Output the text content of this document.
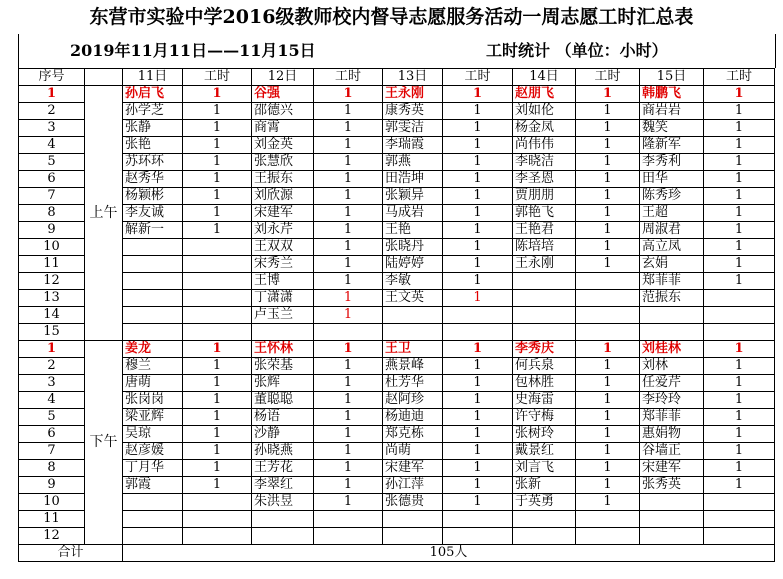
东营市实验中学2016级教师校内督导志愿服务活动一周志愿工时汇总表
2019年11月11日——11月15日	工时统计 （单位：小时）
序号		11日	工时	12日	工时	13日	工时	14日	工时	15日	工时
1	上午	孙启飞	1	谷强	1	王永刚	1	赵朋飞	1	韩鹏飞	1
2		孙学芝	1	邵德兴	1	康秀英	1	刘如伦	1	商岩岩	1
3		张静	1	商霄	1	郭雯洁	1	杨金凤	1	魏笑	1
4		张艳	1	刘金英	1	李瑞霞	1	尚伟伟	1	隆新军	1
5		苏环环	1	张慧欣	1	郭燕	1	李晓洁	1	李秀利	1
6		赵秀华	1	王振东	1	田浩坤	1	李圣恩	1	田华	1
7		杨颖彬	1	刘欣源	1	张颖异	1	贾朋朋	1	陈秀珍	1
8		李友诚	1	宋建军	1	马成岩	1	郭艳飞	1	王超	1
9		解新一	1	刘永芹	1	王艳	1	王艳君	1	周淑君	1
10				王双双	1	张晓丹	1	陈培培	1	高立凤	1
11				宋秀兰	1	陆婷婷	1	王永刚	1	玄娟	1
12				王博	1	李敏	1			郑菲菲	1
13				丁潇潇	1	王文英	1			范振东	
14				卢玉兰	1						
15											
1	下午	姜龙	1	王怀林	1	王卫	1	李秀庆	1	刘桂林	1
2		穆兰	1	张荣基	1	燕景峰	1	何兵泉	1	刘林	1
3		唐萌	1	张辉	1	杜芳华	1	包林胜	1	任爱芹	1
4		张岗岗	1	董聪聪	1	赵阿珍	1	史海雷	1	李玲玲	1
5		梁亚辉	1	杨语	1	杨迪迪	1	许守梅	1	郑菲菲	1
6		吴琼	1	沙静	1	郑克栋	1	张树玲	1	惠娟物	1
7		赵彦媛	1	孙晓燕	1	尚萌	1	戴景红	1	谷墙正	1
8		丁月华	1	王芳花	1	宋建军	1	刘言飞	1	宋建军	1
9		郭霞	1	李翠红	1	孙江萍	1	张新	1	张秀英	1
10				朱洪昱	1	张德贵	1	于英勇	1		
11											
12											
合计		105人									
